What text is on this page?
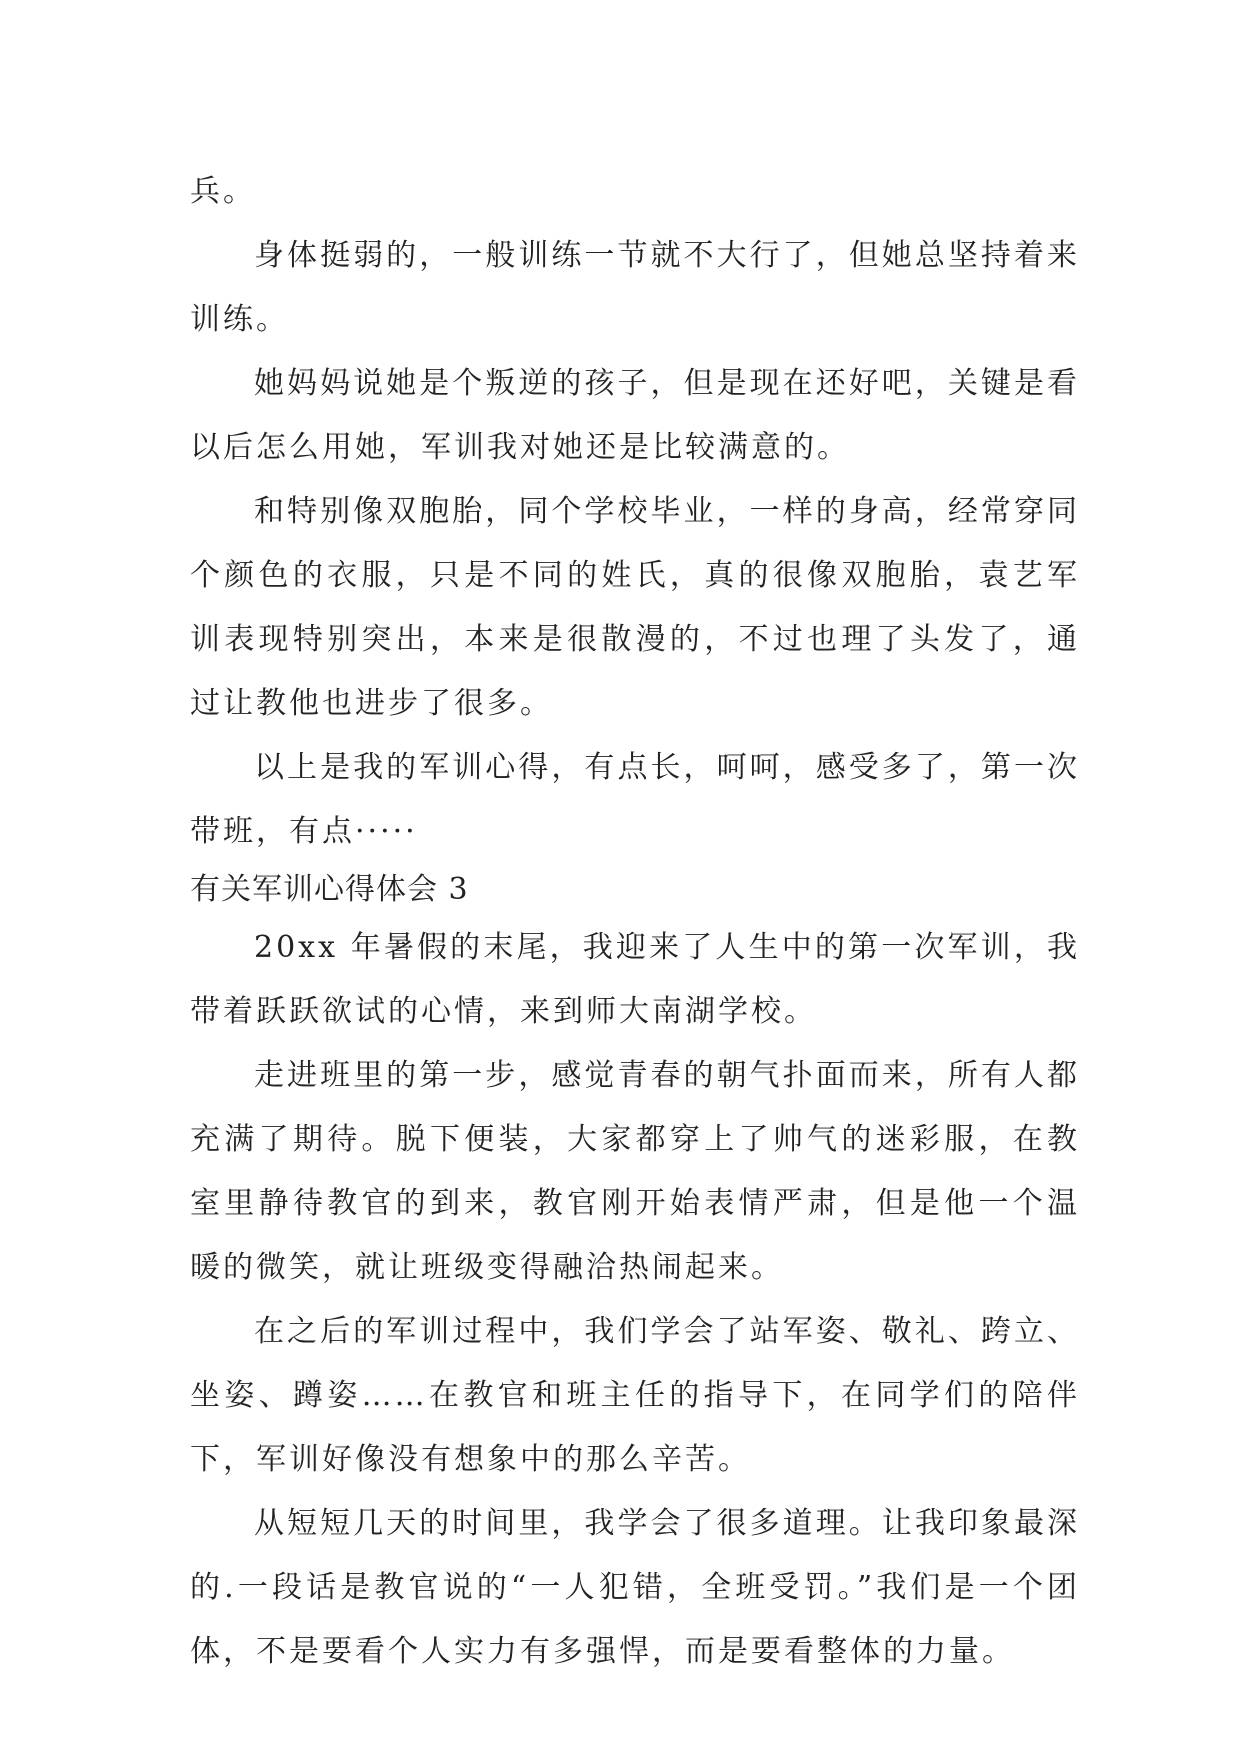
兵。

身体挺弱的，一般训练一节就不大行了，但她总坚持着来训练。

她妈妈说她是个叛逆的孩子，但是现在还好吧，关键是看以后怎么用她，军训我对她还是比较满意的。

和特别像双胞胎，同个学校毕业，一样的身高，经常穿同个颜色的衣服，只是不同的姓氏，真的很像双胞胎，袁艺军训表现特别突出，本来是很散漫的，不过也理了头发了，通过让教他也进步了很多。

以上是我的军训心得，有点长，呵呵，感受多了，第一次带班，有点·····

有关军训心得体会 3

20xx 年暑假的末尾，我迎来了人生中的第一次军训，我带着跃跃欲试的心情，来到师大南湖学校。

走进班里的第一步，感觉青春的朝气扑面而来，所有人都充满了期待。脱下便装，大家都穿上了帅气的迷彩服，在教室里静待教官的到来，教官刚开始表情严肃，但是他一个温暖的微笑，就让班级变得融洽热闹起来。

在之后的军训过程中，我们学会了站军姿、敬礼、跨立、坐姿、蹲姿……在教官和班主任的指导下，在同学们的陪伴下，军训好像没有想象中的那么辛苦。

从短短几天的时间里，我学会了很多道理。让我印象最深的.一段话是教官说的“一人犯错，全班受罚。”我们是一个团体，不是要看个人实力有多强悍，而是要看整体的力量。
